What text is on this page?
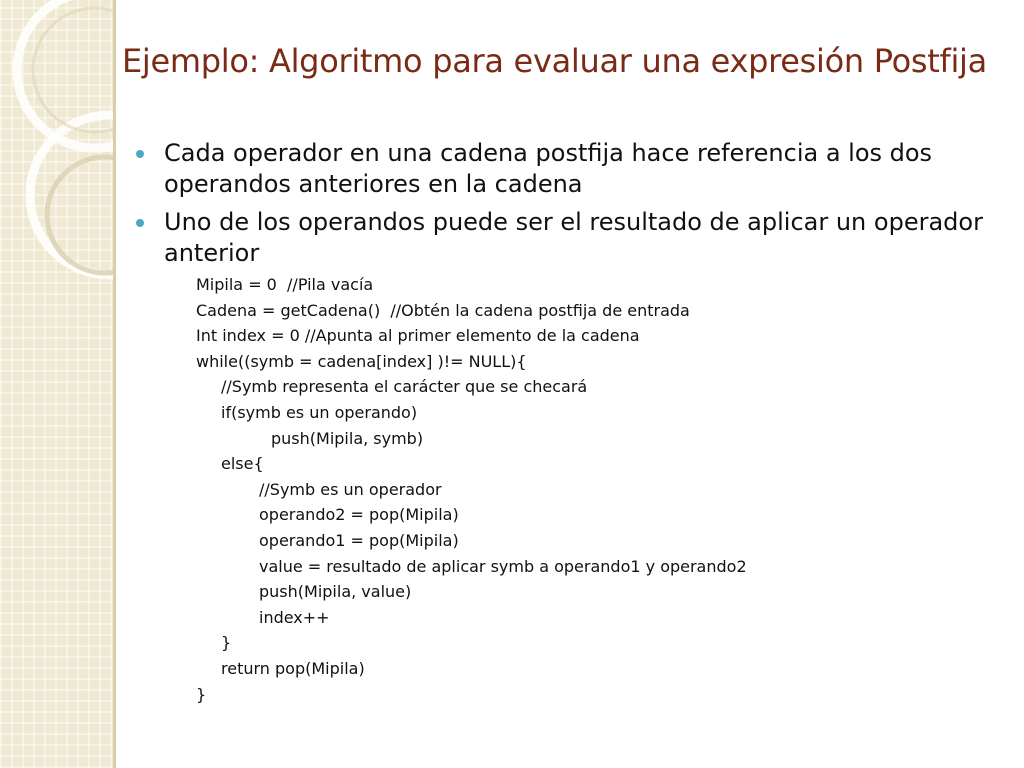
Ejemplo: Algoritmo para evaluar una expresión Postfija
Cada operador en una cadena postfija hace referencia a los dos operandos anteriores en la cadena
Uno de los operandos puede ser el resultado de aplicar un operador anterior
Mipila = 0  //Pila vacía
Cadena = getCadena()  //Obtén la cadena postfija de entrada
Int index = 0 //Apunta al primer elemento de la cadena
while((symb = cadena[index] )!= NULL){
//Symb representa el carácter que se checará
if(symb es un operando)
push(Mipila, symb)
else{
//Symb es un operador
operando2 = pop(Mipila)
operando1 = pop(Mipila)
value = resultado de aplicar symb a operando1 y operando2
push(Mipila, value)
index++
}
return pop(Mipila)
}
